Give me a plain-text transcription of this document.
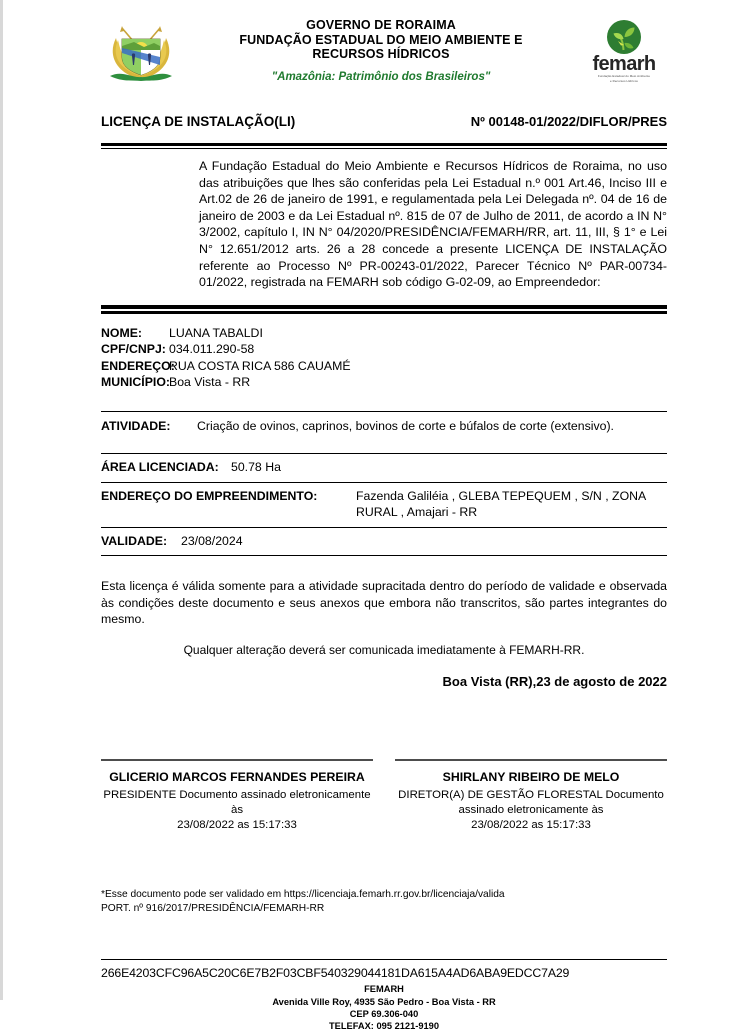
GOVERNO DE RORAIMA
FUNDAÇÃO ESTADUAL DO MEIO AMBIENTE E
RECURSOS HÍDRICOS
"Amazônia: Patrimônio dos Brasileiros"
femarh
Fundação Estadual do Meio Ambiente
e Recursos Hídricos
LICENÇA DE INSTALAÇÃO(LI)	Nº 00148-01/2022/DIFLOR/PRES
A Fundação Estadual do Meio Ambiente e Recursos Hídricos de Roraima, no uso das atribuições que lhes são conferidas pela Lei Estadual n.º 001 Art.46, Inciso III e Art.02 de 26 de janeiro de 1991, e regulamentada pela Lei Delegada nº. 04 de 16 de janeiro de 2003 e da Lei Estadual nº. 815 de 07 de Julho de 2011, de acordo a IN N° 3/2002, capítulo I, IN N° 04/2020/PRESIDÊNCIA/FEMARH/RR, art. 11, III, § 1° e Lei N° 12.651/2012 arts. 26 a 28 concede a presente LICENÇA DE INSTALAÇÃO referente ao Processo Nº PR-00243-01/2022, Parecer Técnico Nº PAR-00734-01/2022, registrada na FEMARH sob código G-02-09, ao Empreendedor:
NOME:	LUANA TABALDI
CPF/CNPJ: 034.011.290-58
ENDEREÇO:
RUA COSTA RICA 586 CAUAMÉ
MUNICÍPIO: Boa Vista - RR
ATIVIDADE:	Criação de ovinos, caprinos, bovinos de corte e búfalos de corte (extensivo).
ÁREA LICENCIADA: 50.78 Ha
ENDEREÇO DO EMPREENDIMENTO:	Fazenda Galiléia , GLEBA TEPEQUEM , S/N , ZONA
RURAL , Amajari - RR
VALIDADE:	23/08/2024
Esta licença é válida somente para a atividade supracitada dentro do período de validade e observada às condições deste documento e seus anexos que embora não transcritos, são partes integrantes do mesmo.
Qualquer alteração deverá ser comunicada imediatamente à FEMARH-RR.
Boa Vista (RR),23 de agosto de 2022
GLICERIO MARCOS FERNANDES PEREIRA
PRESIDENTE Documento assinado eletronicamente
às
23/08/2022 as 15:17:33
SHIRLANY RIBEIRO DE MELO
DIRETOR(A) DE GESTÃO FLORESTAL Documento
assinado eletronicamente às
23/08/2022 as 15:17:33
*Esse documento pode ser validado em https://licenciaja.femarh.rr.gov.br/licenciaja/valida
PORT. nº 916/2017/PRESIDÊNCIA/FEMARH-RR
266E4203CFC96A5C20C6E7B2F03CBF540329044181DA615A4AD6ABA9EDCC7A29
FEMARH
Avenida Ville Roy, 4935 São Pedro - Boa Vista - RR
CEP 69.306-040
TELEFAX: 095 2121-9190
